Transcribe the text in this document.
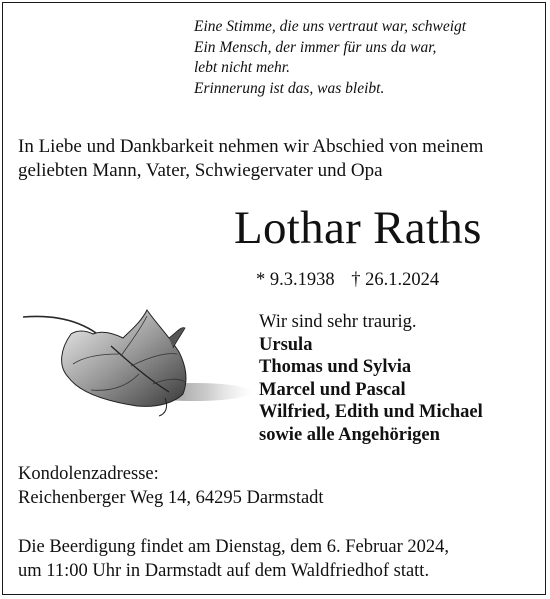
Eine Stimme, die uns vertraut war, schweigt
Ein Mensch, der immer für uns da war,
lebt nicht mehr.
Erinnerung ist das, was bleibt.
In Liebe und Dankbarkeit nehmen wir Abschied von meinem
geliebten Mann, Vater, Schwiegervater und Opa
Lothar Raths
* 9.3.1938 † 26.1.2024
Wir sind sehr traurig.
Ursula
Thomas und Sylvia
Marcel und Pascal
Wilfried, Edith und Michael
sowie alle Angehörigen
Kondolenzadresse:
Reichenberger Weg 14, 64295 Darmstadt
Die Beerdigung findet am Dienstag, dem 6. Februar 2024,
um 11:00 Uhr in Darmstadt auf dem Waldfriedhof statt.
